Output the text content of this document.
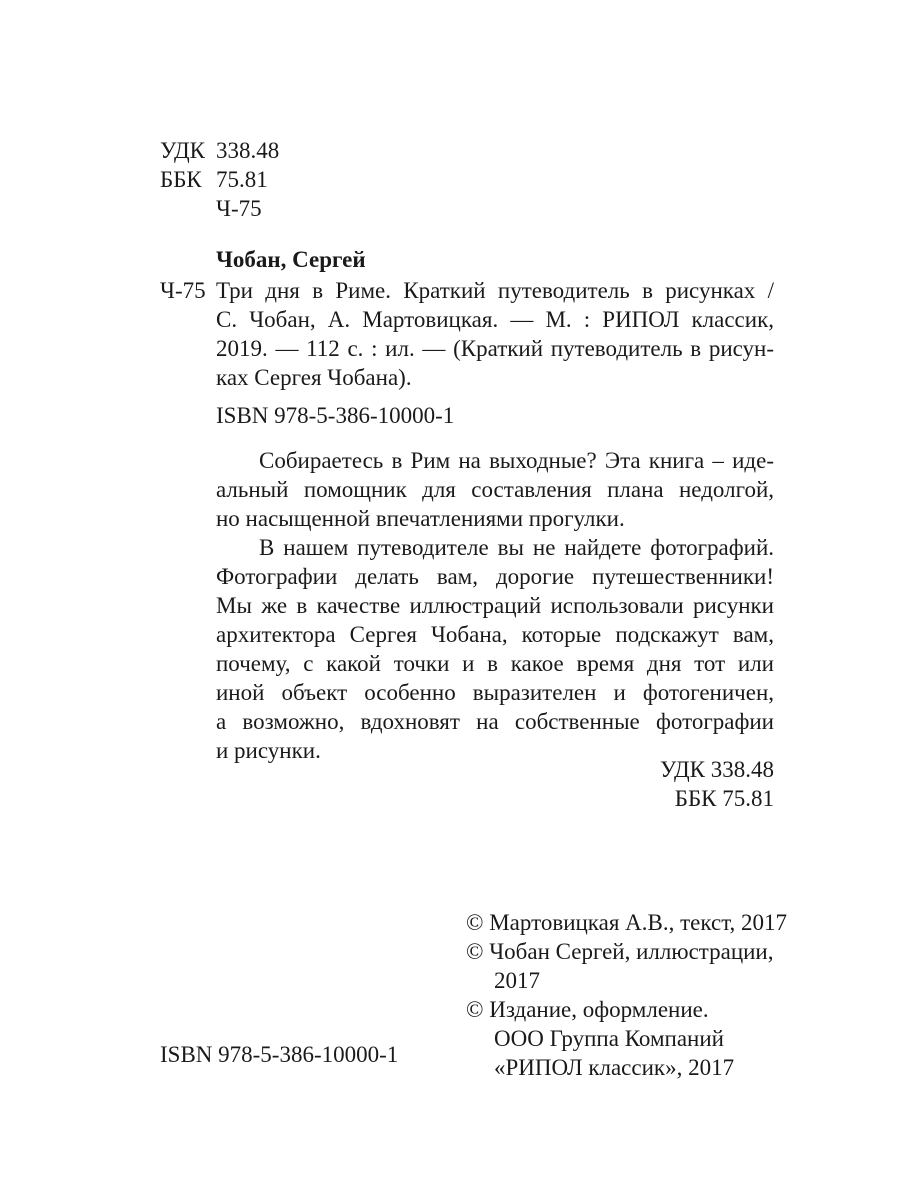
УДК 338.48
ББК 75.81
Ч-75
Чобан, Сергей
Ч-75 Три дня в Риме. Краткий путеводитель в рисунках /
С. Чобан, А. Мартовицкая. — М. : РИПОЛ классик,
2019. — 112 с. : ил. — (Краткий путеводитель в рисун-
ках Сергея Чобана).
ISBN 978-5-386-10000-1
Собираетесь в Рим на выходные? Эта книга – иде-
альный помощник для составления плана недолгой,
но насыщенной впечатлениями прогулки.
В нашем путеводителе вы не найдете фотографий.
Фотографии делать вам, дорогие путешественники!
Мы же в качестве иллюстраций использовали рисунки
архитектора Сергея Чобана, которые подскажут вам,
почему, с какой точки и в какое время дня тот или
иной объект особенно выразителен и фотогеничен,
а возможно, вдохновят на собственные фотографии
и рисунки.
УДК 338.48
ББК 75.81
© Мартовицкая А.В., текст, 2017
© Чобан Сергей, иллюстрации,
2017
© Издание, оформление.
ООО Группа Компаний
«РИПОЛ классик», 2017
ISBN 978-5-386-10000-1
